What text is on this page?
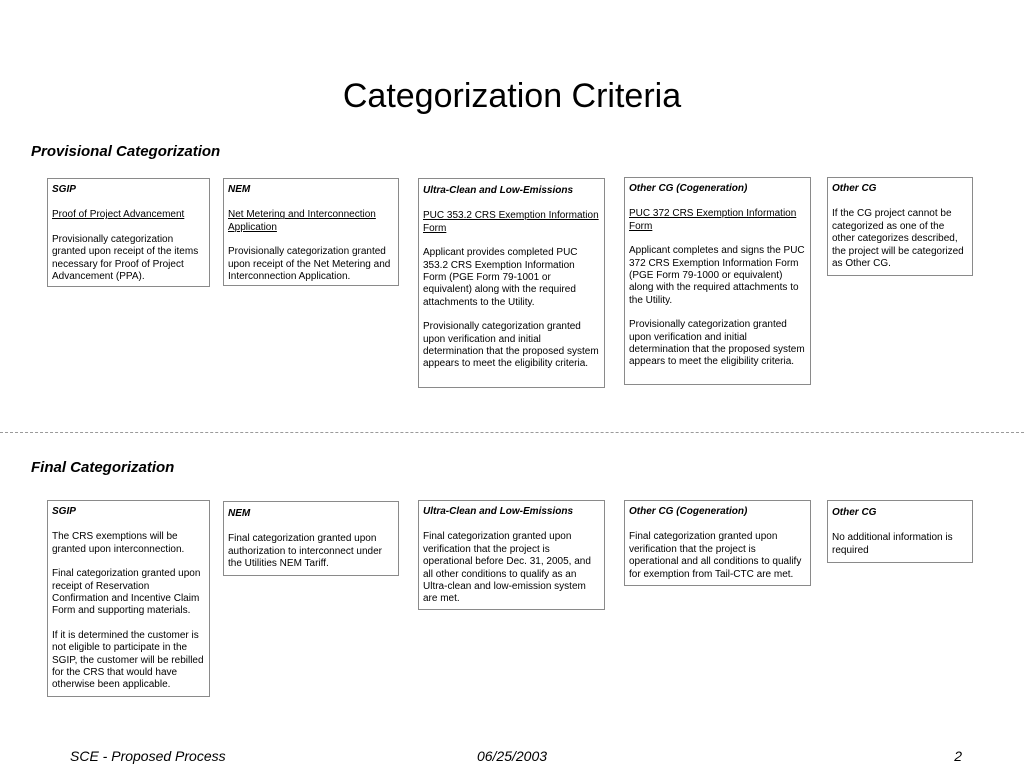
Categorization Criteria
Provisional Categorization

SGIP

Proof of Project Advancement

Provisionally categorization granted upon receipt of the items necessary for Proof of Project Advancement (PPA).

NEM

Net Metering and Interconnection Application

Provisionally categorization granted upon receipt of the Net Metering and Interconnection Application.

Ultra-Clean and Low-Emissions

PUC 353.2 CRS Exemption Information Form

Applicant provides completed PUC 353.2 CRS Exemption Information Form (PGE Form 79-1001 or equivalent) along with the required attachments to the Utility.

Provisionally categorization granted upon verification and initial determination that the proposed system appears to meet the eligibility criteria.

Other CG (Cogeneration)

PUC 372 CRS Exemption Information Form

Applicant completes and signs the PUC 372 CRS Exemption Information Form (PGE Form 79-1000 or equivalent) along with the required attachments to the Utility.

Provisionally categorization granted upon verification and initial determination that the proposed system appears to meet the eligibility criteria.

Other CG

If the CG project cannot be categorized as one of the other categorizes described, the project will be categorized as Other CG.

Final Categorization

SGIP

The CRS exemptions will be granted upon interconnection.

Final categorization granted upon receipt of Reservation Confirmation and Incentive Claim Form and supporting materials.

If it is determined the customer is not eligible to participate in the SGIP, the customer will be rebilled for the CRS that would have otherwise been applicable.

NEM

Final categorization granted upon authorization to interconnect under the Utilities NEM Tariff.

Ultra-Clean and Low-Emissions

Final categorization granted upon verification that the project is operational before Dec. 31, 2005, and all other conditions to qualify as an Ultra-clean and low-emission system are met.

Other CG (Cogeneration)

Final categorization granted upon verification that the project is operational and all conditions to qualify for exemption from Tail-CTC are met.

Other CG

No additional information is required

SCE - Proposed Process	06/25/2003	2
